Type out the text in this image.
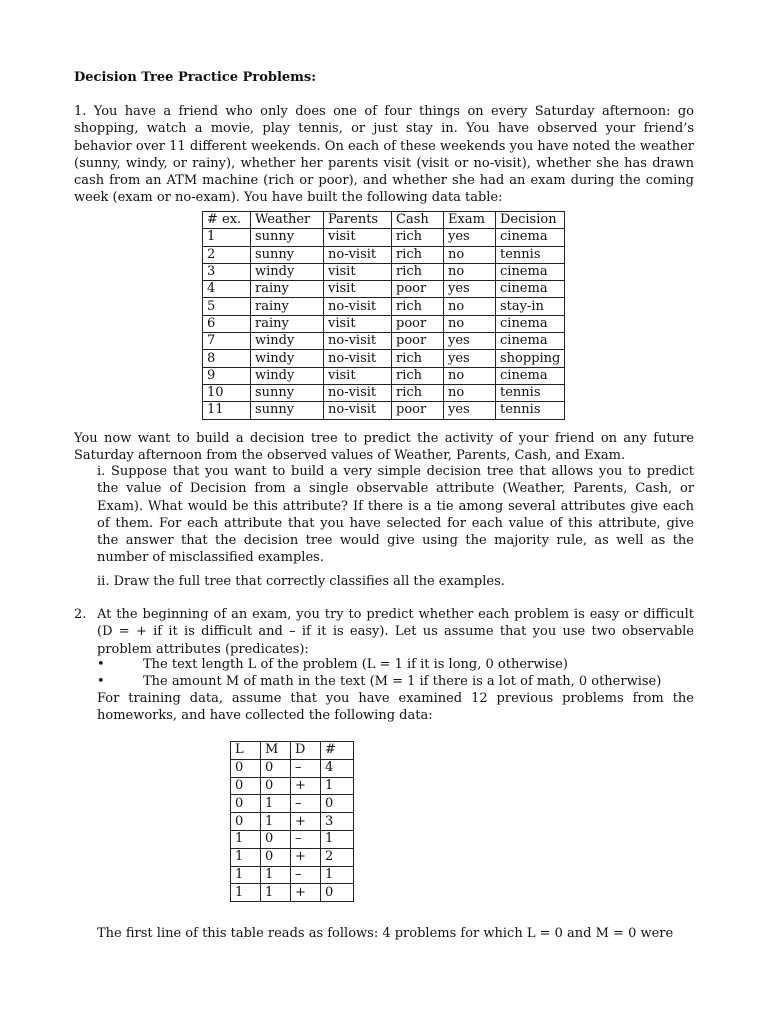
Decision Tree Practice Problems:
1. You have a friend who only does one of four things on every Saturday afternoon: go shopping, watch a movie, play tennis, or just stay in. You have observed your friend’s behavior over 11 different weekends. On each of these weekends you have noted the weather (sunny, windy, or rainy), whether her parents visit (visit or no-visit), whether she has drawn cash from an ATM machine (rich or poor), and whether she had an exam during the coming week (exam or no-exam). You have built the following data table:
# ex.	Weather	Parents	Cash	Exam	Decision
1	sunny	visit	rich	yes	cinema
2	sunny	no-visit	rich	no	tennis
3	windy	visit	rich	no	cinema
4	rainy	visit	poor	yes	cinema
5	rainy	no-visit	rich	no	stay-in
6	rainy	visit	poor	no	cinema
7	windy	no-visit	poor	yes	cinema
8	windy	no-visit	rich	yes	shopping
9	windy	visit	rich	no	cinema
10	sunny	no-visit	rich	no	tennis
11	sunny	no-visit	poor	yes	tennis
You now want to build a decision tree to predict the activity of your friend on any future Saturday afternoon from the observed values of Weather, Parents, Cash, and Exam.
i. Suppose that you want to build a very simple decision tree that allows you to predict the value of Decision from a single observable attribute (Weather, Parents, Cash, or Exam). What would be this attribute? If there is a tie among several attributes give each of them. For each attribute that you have selected for each value of this attribute, give the answer that the decision tree would give using the majority rule, as well as the number of misclassified examples.
ii. Draw the full tree that correctly classifies all the examples.
2. At the beginning of an exam, you try to predict whether each problem is easy or difficult (D = + if it is difficult and – if it is easy). Let us assume that you use two observable problem attributes (predicates):
•	The text length L of the problem (L = 1 if it is long, 0 otherwise)
•	The amount M of math in the text (M = 1 if there is a lot of math, 0 otherwise)
For training data, assume that you have examined 12 previous problems from the homeworks, and have collected the following data:
L	M	D	#
0	0	–	4
0	0	+	1
0	1	–	0
0	1	+	3
1	0	–	1
1	0	+	2
1	1	–	1
1	1	+	0
The first line of this table reads as follows: 4 problems for which L = 0 and M = 0 were
